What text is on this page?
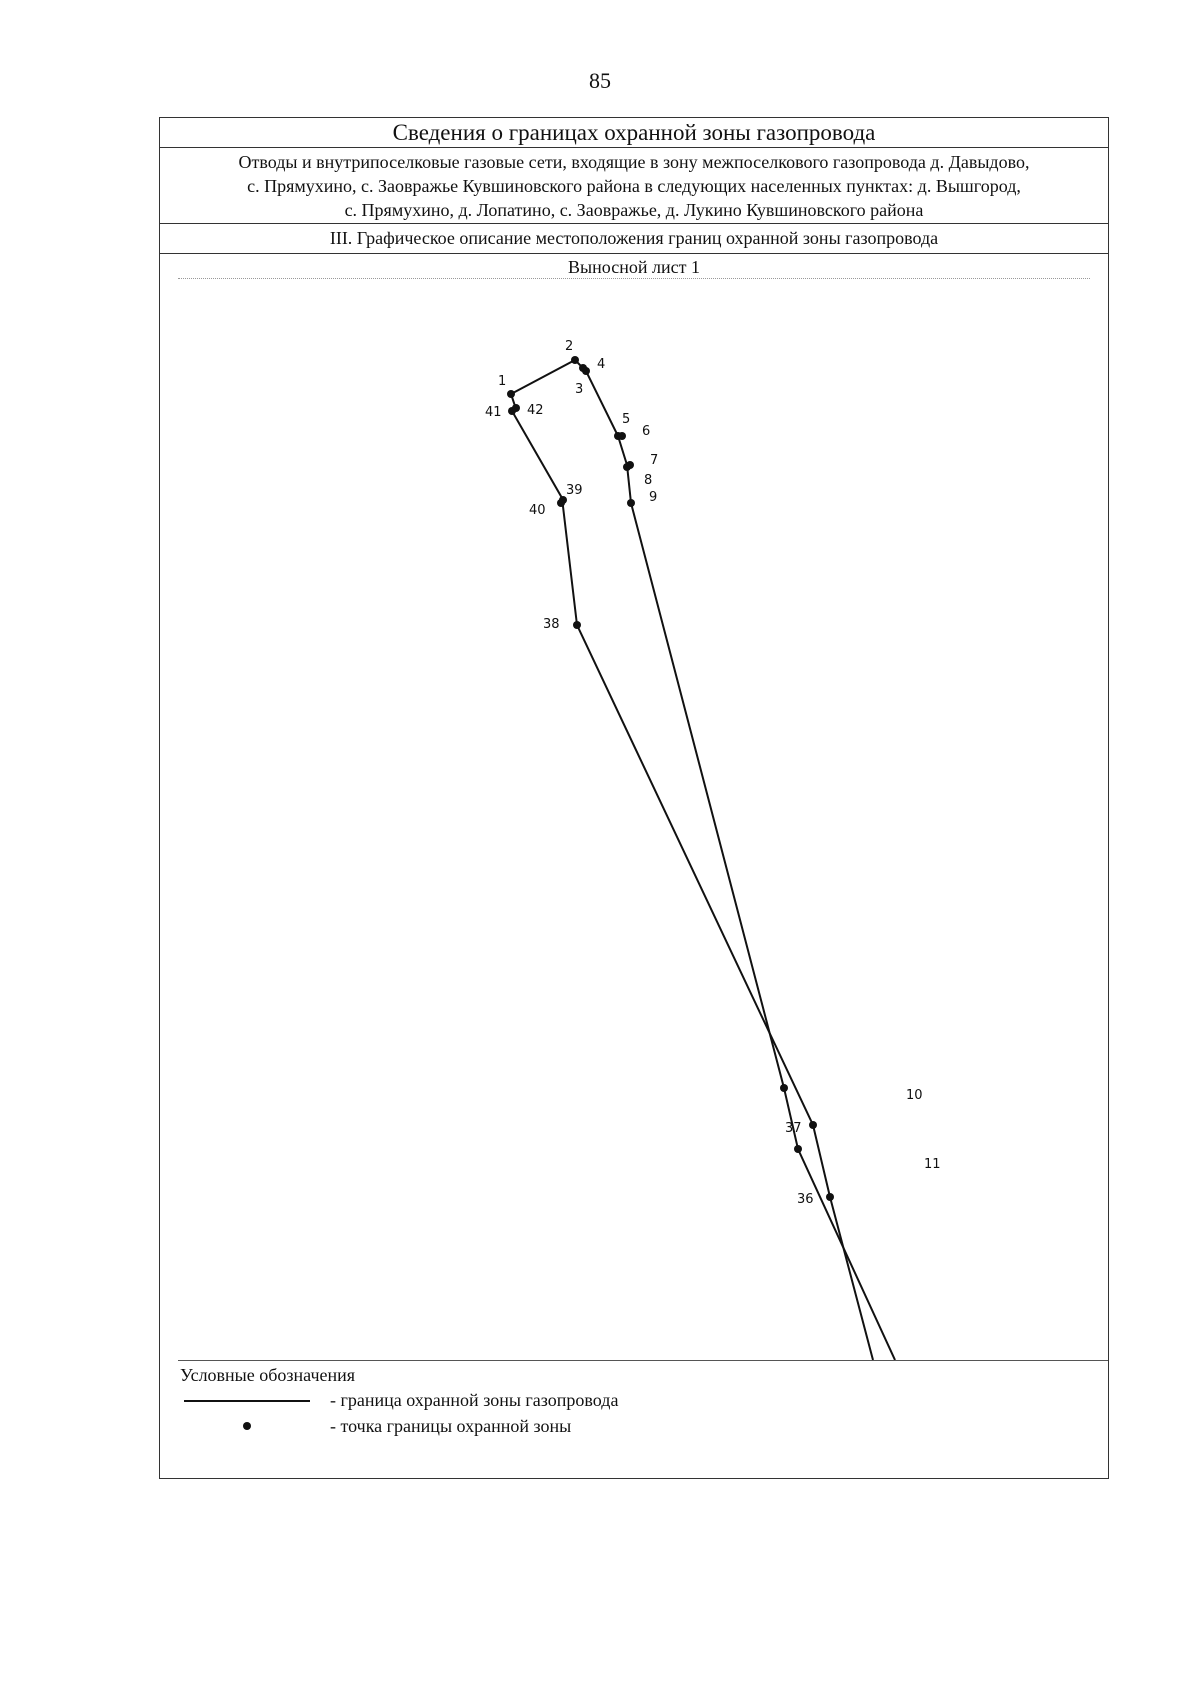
85
Сведения о границах охранной зоны газопровода
Отводы и внутрипоселковые газовые сети, входящие в зону межпоселкового газопровода д. Давыдово,
с. Прямухино, с. Заовражье Кувшиновского района в следующих населенных пунктах: д. Вышгород,
с. Прямухино, д. Лопатино, с. Заовражье, д. Лукино Кувшиновского района
III. Графическое описание местоположения границ охранной зоны газопровода
Выносной лист 1
1
2
3
4
5
6
7
8
9
10
11
36
37
38
39
40
41 42
Условные обозначения
- граница охранной зоны газопровода
- точка границы охранной зоны
